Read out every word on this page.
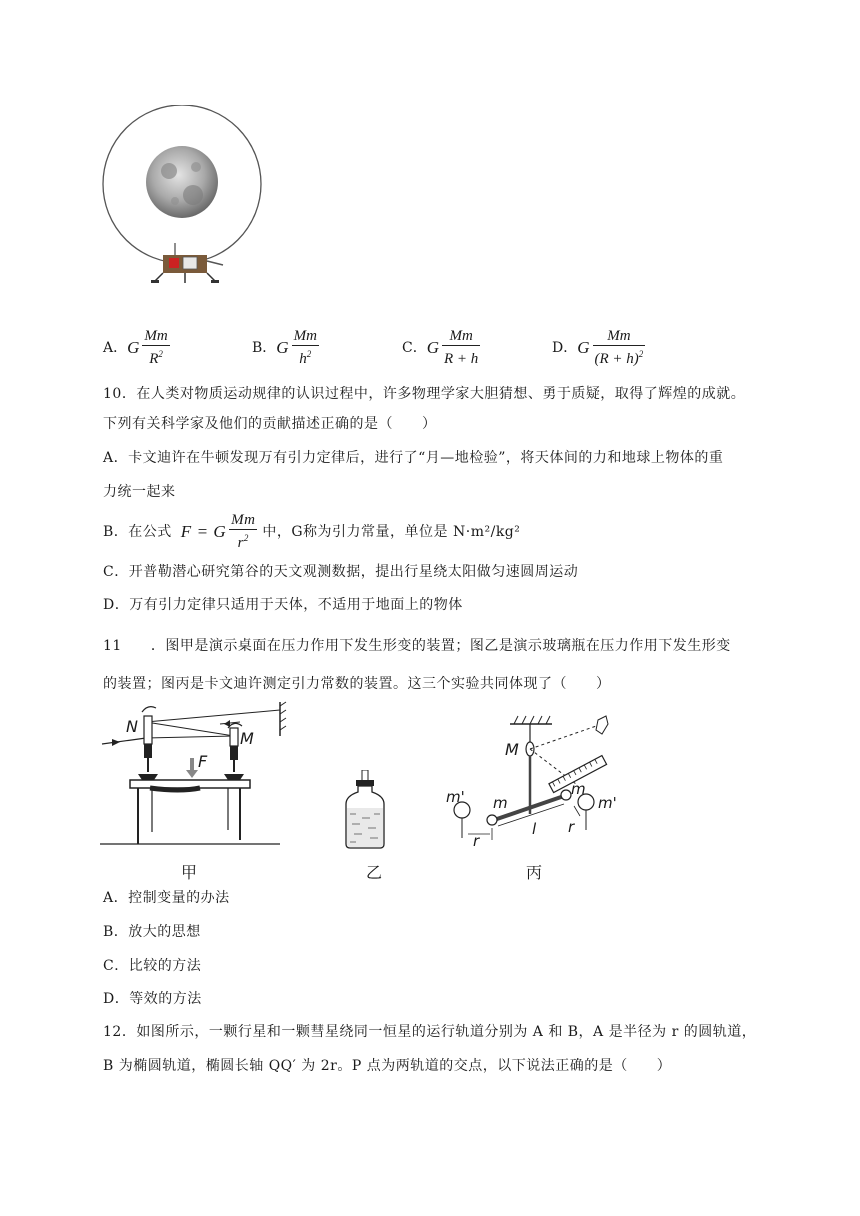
A．G $\frac{Mm}{R^2}$	B．G $\frac{Mm}{h^2}$	C．G $\frac{Mm}{R + h}$	D．G $\frac{Mm}{(R + h)^2}$
10．在人类对物质运动规律的认识过程中，许多物理学家大胆猜想、勇于质疑，取得了辉煌的成就。
下列有关科学家及他们的贡献描述正确的是（　　）
A．卡文迪许在牛顿发现万有引力定律后，进行了“月—地检验”，将天体间的力和地球上物体的重
力统一起来
B．在公式 F = G $\frac{Mm}{r^2}$ 中，G称为引力常量，单位是 N·m²/kg²
C．开普勒潜心研究第谷的天文观测数据，提出行星绕太阳做匀速圆周运动
D．万有引力定律只适用于天体，不适用于地面上的物体
11　　．图甲是演示桌面在压力作用下发生形变的装置；图乙是演示玻璃瓶在压力作用下发生形变
的装置；图丙是卡文迪许测定引力常数的装置。这三个实验共同体现了（　　）
N
M
F
甲	乙
M
m' m
m
m'
l
r
r
丙
A．控制变量的办法
B．放大的思想
C．比较的方法
D．等效的方法
12．如图所示，一颗行星和一颗彗星绕同一恒星的运行轨道分别为 A 和 B，A 是半径为 r 的圆轨道，
B 为椭圆轨道，椭圆长轴 QQ′ 为 2r。P 点为两轨道的交点，以下说法正确的是（　　）
